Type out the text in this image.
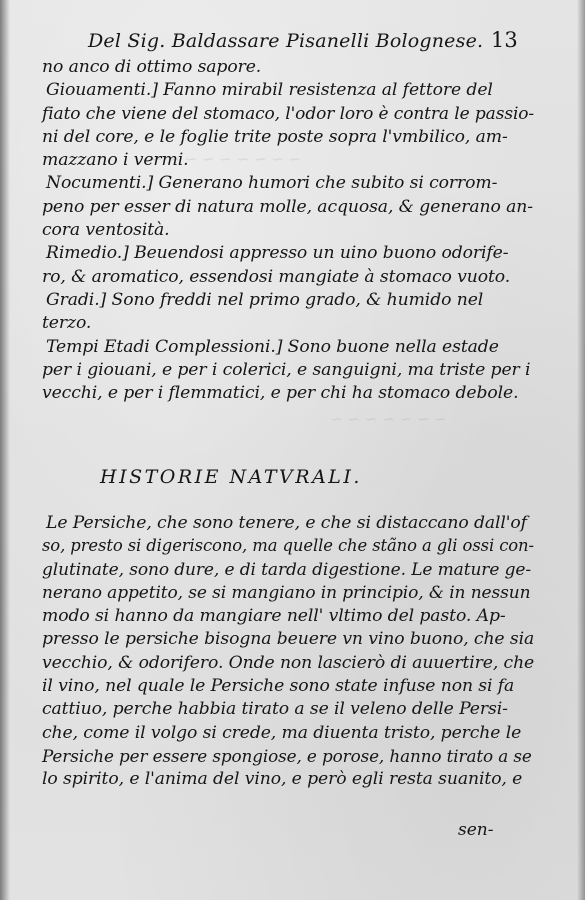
~ ~ ~ ~ ~ ~ ~ ~ ~
~ ~ ~ ~ ~ ~ ~
Del Sig. Baldassare Pisanelli Bolognese. 13
no anco di ottimo sapore.
Giouamenti.] Fanno mirabil resistenza al fettore del
fiato che viene del stomaco, l'odor loro è contra le passio-
ni del core, e le foglie trite poste sopra l'vmbilico, am-
mazzano i vermi.
Nocumenti.] Generano humori che subito si corrom-
peno per esser di natura molle, acquosa, & generano an-
cora ventosità.
Rimedio.] Beuendosi appresso un uino buono odorife-
ro, & aromatico, essendosi mangiate à stomaco vuoto.
Gradi.] Sono freddi nel primo grado, & humido nel
terzo.
Tempi Etadi Complessioni.] Sono buone nella estade
per i giouani, e per i colerici, e sanguigni, ma triste per i
vecchi, e per i flemmatici, e per chi ha stomaco debole.
HISTORIE NATVRALI.
Le Persiche, che sono tenere, e che si distaccano dall'of
so, presto si digeriscono, ma quelle che stãno a gli ossi con-
glutinate, sono dure, e di tarda digestione. Le mature ge-
nerano appetito, se si mangiano in principio, & in nessun
modo si hanno da mangiare nell' vltimo del pasto. Ap-
presso le persiche bisogna beuere vn vino buono, che sia
vecchio, & odorifero. Onde non lascierò di auuertire, che
il vino, nel quale le Persiche sono state infuse non si fa
cattiuo, perche habbia tirato a se il veleno delle Persi-
che, come il volgo si crede, ma diuenta tristo, perche le
Persiche per essere spongiose, e porose, hanno tirato a se
lo spirito, e l'anima del vino, e però egli resta suanito, e
sen-
